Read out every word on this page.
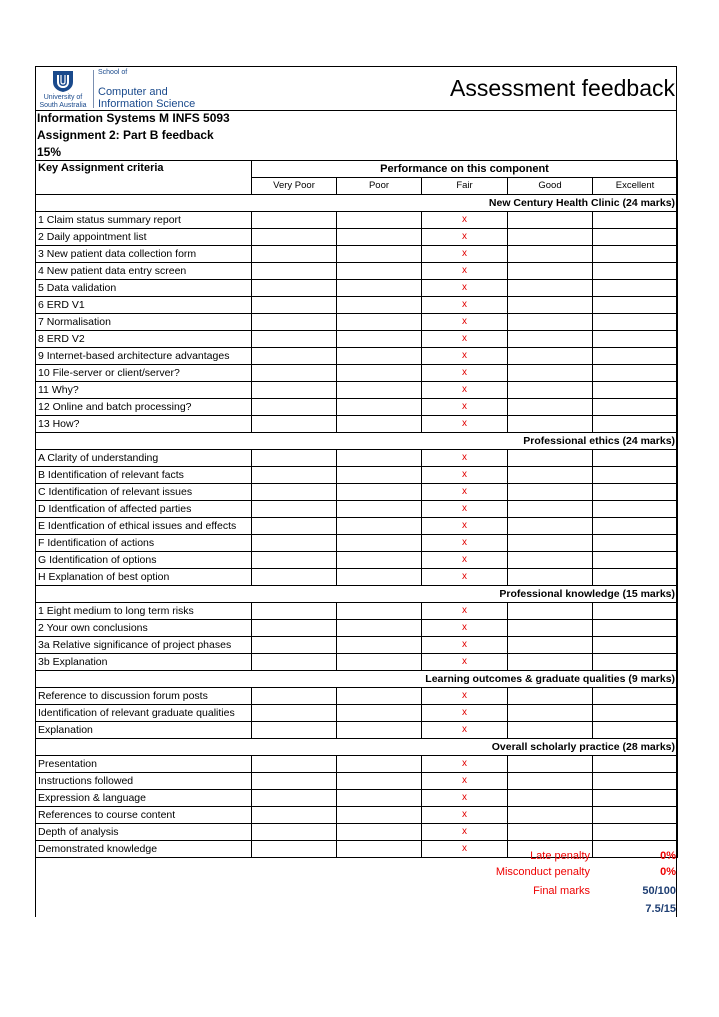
University of South Australia
School of
Computer and
Information Science
Assessment feedback
Information Systems M INFS 5093
Assignment 2: Part B feedback
15%
Key Assignment criteria	Performance on this component				
	Very Poor	Poor	Fair	Good	Excellent
New Century Health Clinic (24 marks)					
1 Claim status summary report			x		
2 Daily appointment list			x		
3 New patient data collection form			x		
4 New patient data entry screen			x		
5 Data validation			x		
6 ERD V1			x		
7 Normalisation			x		
8 ERD V2			x		
9 Internet-based architecture advantages			x		
10 File-server or client/server?			x		
11 Why?			x		
12 Online and batch processing?			x		
13 How?			x		
Professional ethics (24 marks)					
A Clarity of understanding			x		
B Identification of relevant facts			x		
C Identification of relevant issues			x		
D Identfication of affected parties			x		
E Identfication of ethical issues and effects			x		
F Identification of actions			x		
G Identification of options			x		
H Explanation of best option			x		
Professional knowledge (15 marks)					
1 Eight medium to long term risks			x		
2 Your own conclusions			x		
3a Relative significance of project phases			x		
3b Explanation			x		
Learning outcomes & graduate qualities (9 marks)					
Reference to discussion forum posts			x		
Identification of relevant graduate qualities			x		
Explanation			x		
Overall scholarly practice (28 marks)					
Presentation			x		
Instructions followed			x		
Expression & language			x		
References to course content			x		
Depth of analysis			x		
Demonstrated knowledge			x		
Late penalty	0%
Misconduct penalty	0%
Final marks	50/100
7.5/15
